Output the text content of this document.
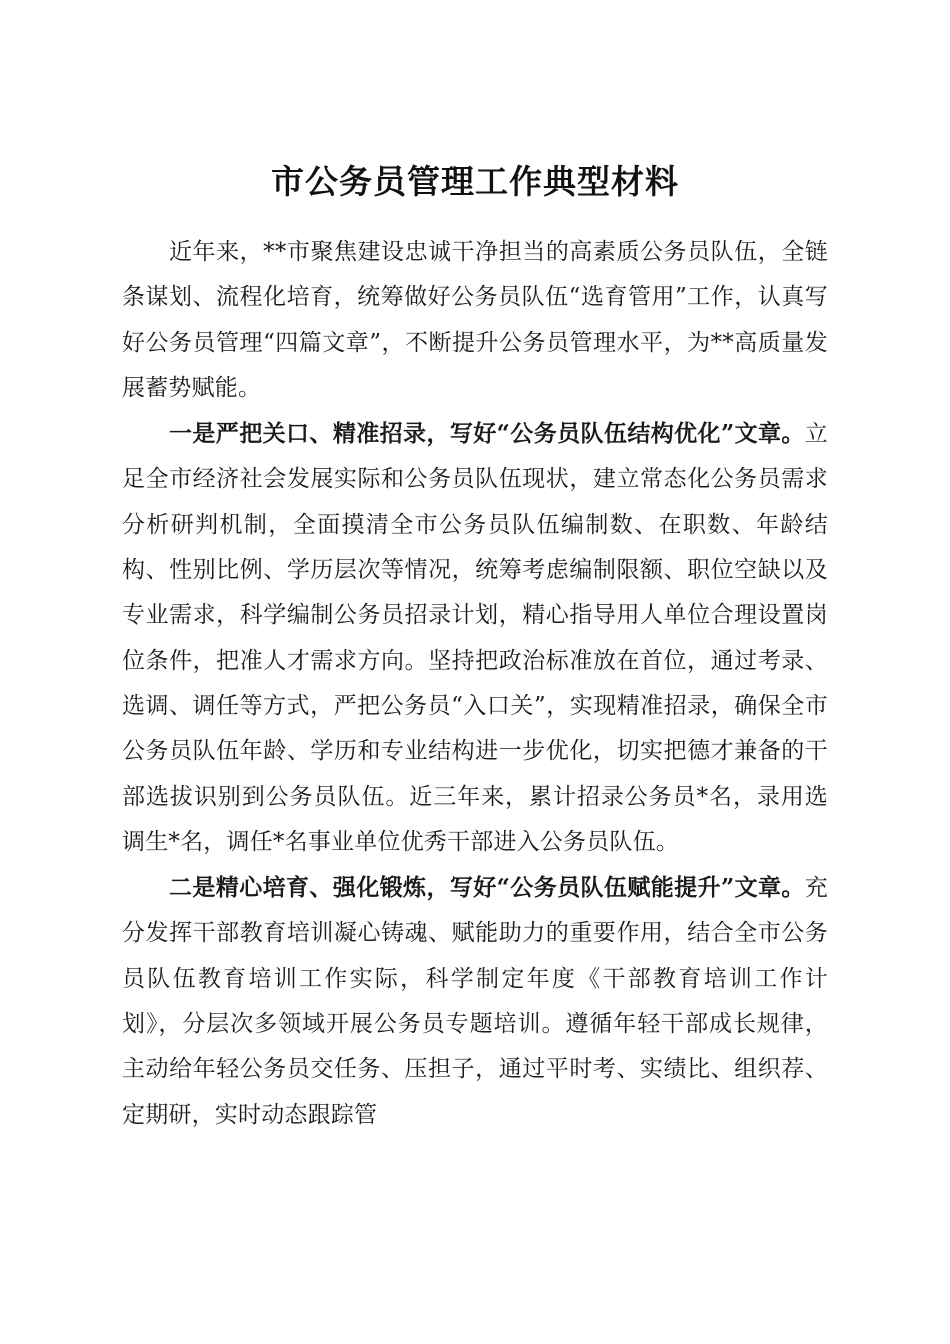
市公务员管理工作典型材料

近年来，**市聚焦建设忠诚干净担当的高素质公务员队伍，全链条谋划、流程化培育，统筹做好公务员队伍“选育管用”工作，认真写好公务员管理“四篇文章”，不断提升公务员管理水平，为**高质量发展蓄势赋能。

一是严把关口、精准招录，写好“公务员队伍结构优化”文章。立足全市经济社会发展实际和公务员队伍现状，建立常态化公务员需求分析研判机制，全面摸清全市公务员队伍编制数、在职数、年龄结构、性别比例、学历层次等情况，统筹考虑编制限额、职位空缺以及专业需求，科学编制公务员招录计划，精心指导用人单位合理设置岗位条件，把准人才需求方向。坚持把政治标准放在首位，通过考录、选调、调任等方式，严把公务员“入口关”，实现精准招录，确保全市公务员队伍年龄、学历和专业结构进一步优化，切实把德才兼备的干部选拔识别到公务员队伍。近三年来，累计招录公务员*名，录用选调生*名，调任*名事业单位优秀干部进入公务员队伍。

二是精心培育、强化锻炼，写好“公务员队伍赋能提升”文章。充分发挥干部教育培训凝心铸魂、赋能助力的重要作用，结合全市公务员队伍教育培训工作实际，科学制定年度《干部教育培训工作计划》，分层次多领域开展公务员专题培训。遵循年轻干部成长规律，主动给年轻公务员交任务、压担子，通过平时考、实绩比、组织荐、定期研，实时动态跟踪管
